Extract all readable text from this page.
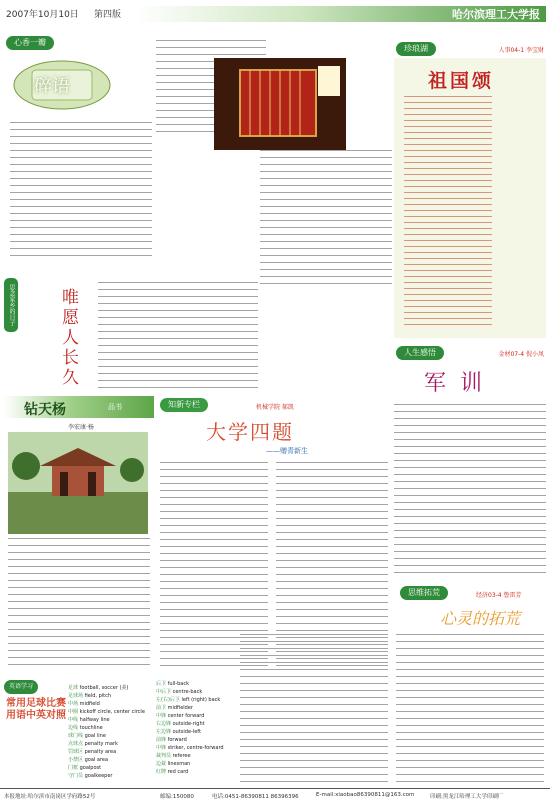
2007年10月10日 第四版	哈尔滨理工大学报
心香一瓣
碎语
思念家乡的日子	唯愿人长久
珍琅湖	人事04-1 李宝财
祖国颂
人生感悟	金材07-4 倪小凤
军训
钻天杨	品书
李宏康·杨
知新专栏	机械学院 郝凯
大学四题
——赠青新生
思维拓荒	经济03-4 鲁雷芳
心灵的拓荒
英语学习
常用足球比赛用语中英对照
足球 football, soccer (美)
足球场 field, pitch
中场 midfield
中圈 kickoff circle, center circle
中线 halfway line
边线 touchline
球门线 goal line
点球点 penalty mark
罚球区 penalty area
小禁区 goal area
门框 goalpost
守门员 goalkeeper
后卫 full-back
中后卫 centre-back
左(右)后卫 left (right) back
前卫 midfielder
中锋 center forward
右边锋 outside-right
左边锋 outside-left
前锋 forward
中锋 striker, centre-forward
裁判员 referee
边裁 linesman
红牌 red card
本报地址:哈尔滨市南岗区学府路52号	邮编:150080	电话:0451-86390811 86396396	E-mail:xiaobao86390811@163.com	印刷:黑龙江哈理工大学印刷厂
